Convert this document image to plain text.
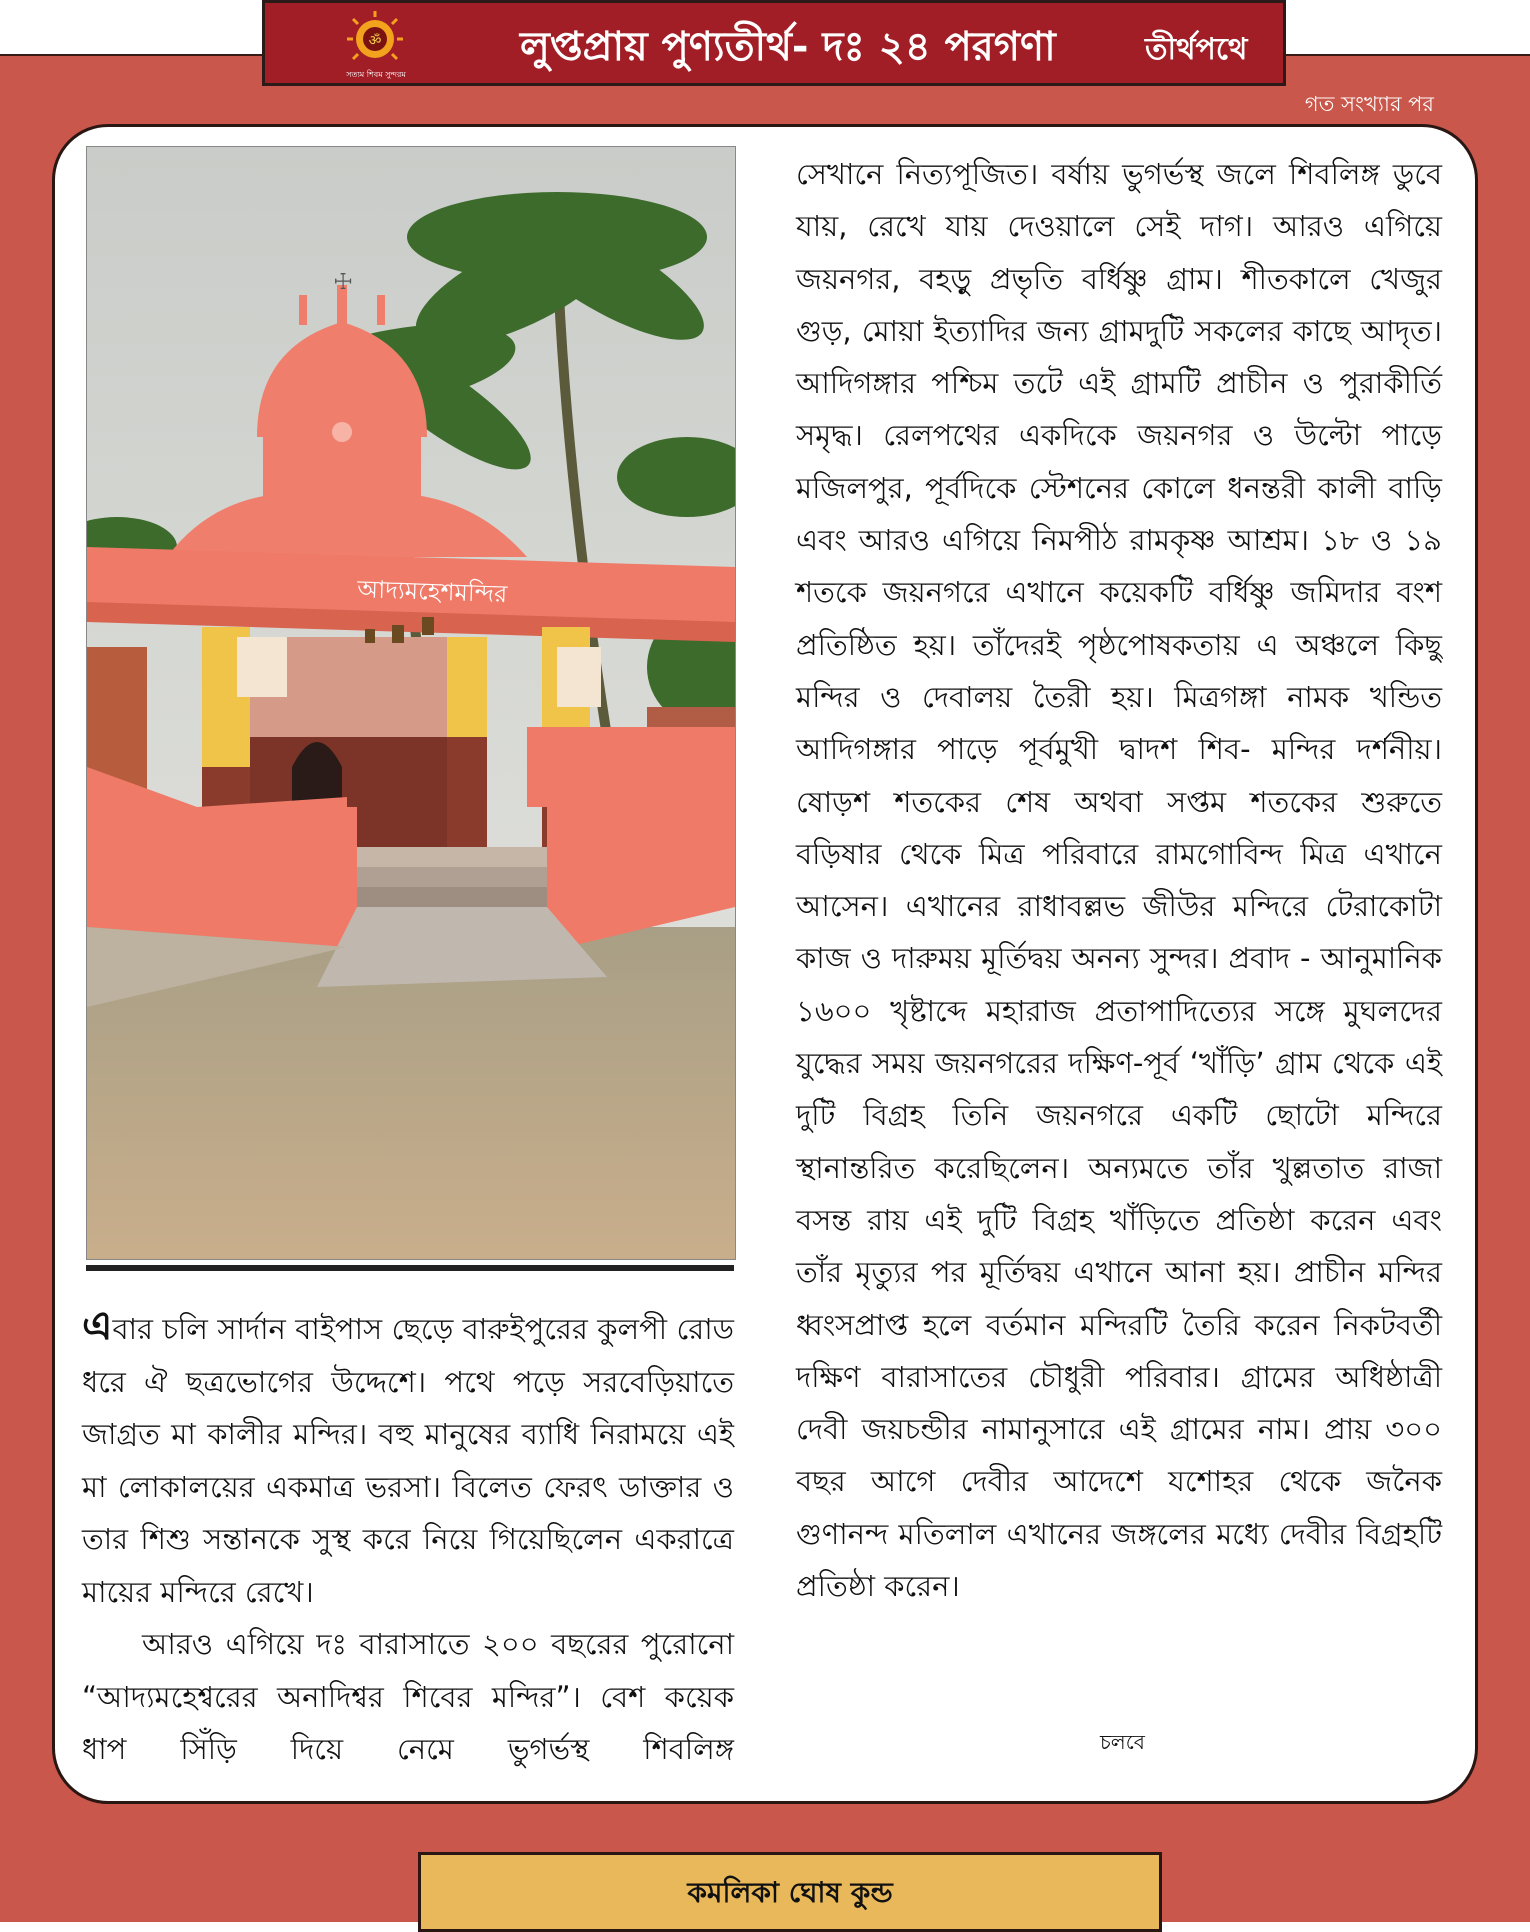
ॐ
সত্যম শিবম সুন্দরম
লুপ্তপ্রায় পুণ্যতীর্থ- দঃ ২৪ পরগণা	তীর্থপথে
গত সংখ্যার পর
☩
আদ্যমহেশমন্দির

এবার চলি সার্দান বাইপাস ছেড়ে বারুইপুরের কুলপী রোড ধরে ঐ ছত্রভোগের উদ্দেশে। পথে পড়ে সরবেড়িয়াতে জাগ্রত মা কালীর মন্দির। বহু মানুষের ব্যাধি নিরাময়ে এই মা লোকালয়ের একমাত্র ভরসা। বিলেত ফেরৎ ডাক্তার ও তার শিশু সন্তানকে সুস্থ করে নিয়ে গিয়েছিলেন একরাত্রে মায়ের মন্দিরে রেখে।

আরও এগিয়ে দঃ বারাসাতে ২০০ বছরের পুরোনো “আদ্যমহেশ্বরের অনাদিশ্বর শিবের মন্দির”। বেশ কয়েক ধাপ সিঁড়ি দিয়ে নেমে ভুগর্ভস্থ শিবলিঙ্গ

সেখানে নিত্যপূজিত। বর্ষায় ভুগর্ভস্থ জলে শিবলিঙ্গ ডুবে যায়, রেখে যায় দেওয়ালে সেই দাগ। আরও এগিয়ে জয়নগর, বহড়ু প্রভৃতি বর্ধিষ্ণু গ্রাম। শীতকালে খেজুর গুড়, মোয়া ইত্যাদির জন্য গ্রামদুটি সকলের কাছে আদৃত। আদিগঙ্গার পশ্চিম তটে এই গ্রামটি প্রাচীন ও পুরাকীর্তি সমৃদ্ধ। রেলপথের একদিকে জয়নগর ও উল্টো পাড়ে মজিলপুর, পূর্বদিকে স্টেশনের কোলে ধনন্তরী কালী বাড়ি এবং আরও এগিয়ে নিমপীঠ রামকৃষ্ণ আশ্রম। ১৮ ও ১৯ শতকে জয়নগরে এখানে কয়েকটি বর্ধিষ্ণু জমিদার বংশ প্রতিষ্ঠিত হয়। তাঁদেরই পৃষ্ঠপোষকতায় এ অঞ্চলে কিছু মন্দির ও দেবালয় তৈরী হয়। মিত্রগঙ্গা নামক খন্ডিত আদিগঙ্গার পাড়ে পূর্বমুখী দ্বাদশ শিব- মন্দির দর্শনীয়। ষোড়শ শতকের শেষ অথবা সপ্তম শতকের শুরুতে বড়িষার থেকে মিত্র পরিবারে রামগোবিন্দ মিত্র এখানে আসেন। এখানের রাধাবল্লভ জীউর মন্দিরে টেরাকোটা কাজ ও দারুময় মূর্তিদ্বয় অনন্য সুন্দর। প্রবাদ - আনুমানিক ১৬০০ খৃষ্টাব্দে মহারাজ প্রতাপাদিত্যের সঙ্গে মুঘলদের যুদ্ধের সময় জয়নগরের দক্ষিণ-পূর্ব ‘খাঁড়ি’ গ্রাম থেকে এই দুটি বিগ্রহ তিনি জয়নগরে একটি ছোটো মন্দিরে স্থানান্তরিত করেছিলেন। অন্যমতে তাঁর খুল্লতাত রাজা বসন্ত রায় এই দুটি বিগ্রহ খাঁড়িতে প্রতিষ্ঠা করেন এবং তাঁর মৃত্যুর পর মূর্তিদ্বয় এখানে আনা হয়। প্রাচীন মন্দির ধ্বংসপ্রাপ্ত হলে বর্তমান মন্দিরটি তৈরি করেন নিকটবর্তী দক্ষিণ বারাসাতের চৌধুরী পরিবার। গ্রামের অধিষ্ঠাত্রী দেবী জয়চন্ডীর নামানুসারে এই গ্রামের নাম। প্রায় ৩০০ বছর আগে দেবীর আদেশে যশোহর থেকে জনৈক গুণানন্দ মতিলাল এখানের জঙ্গলের মধ্যে দেবীর বিগ্রহটি প্রতিষ্ঠা করেন।

চলবে
কমলিকা ঘোষ কুন্ড
